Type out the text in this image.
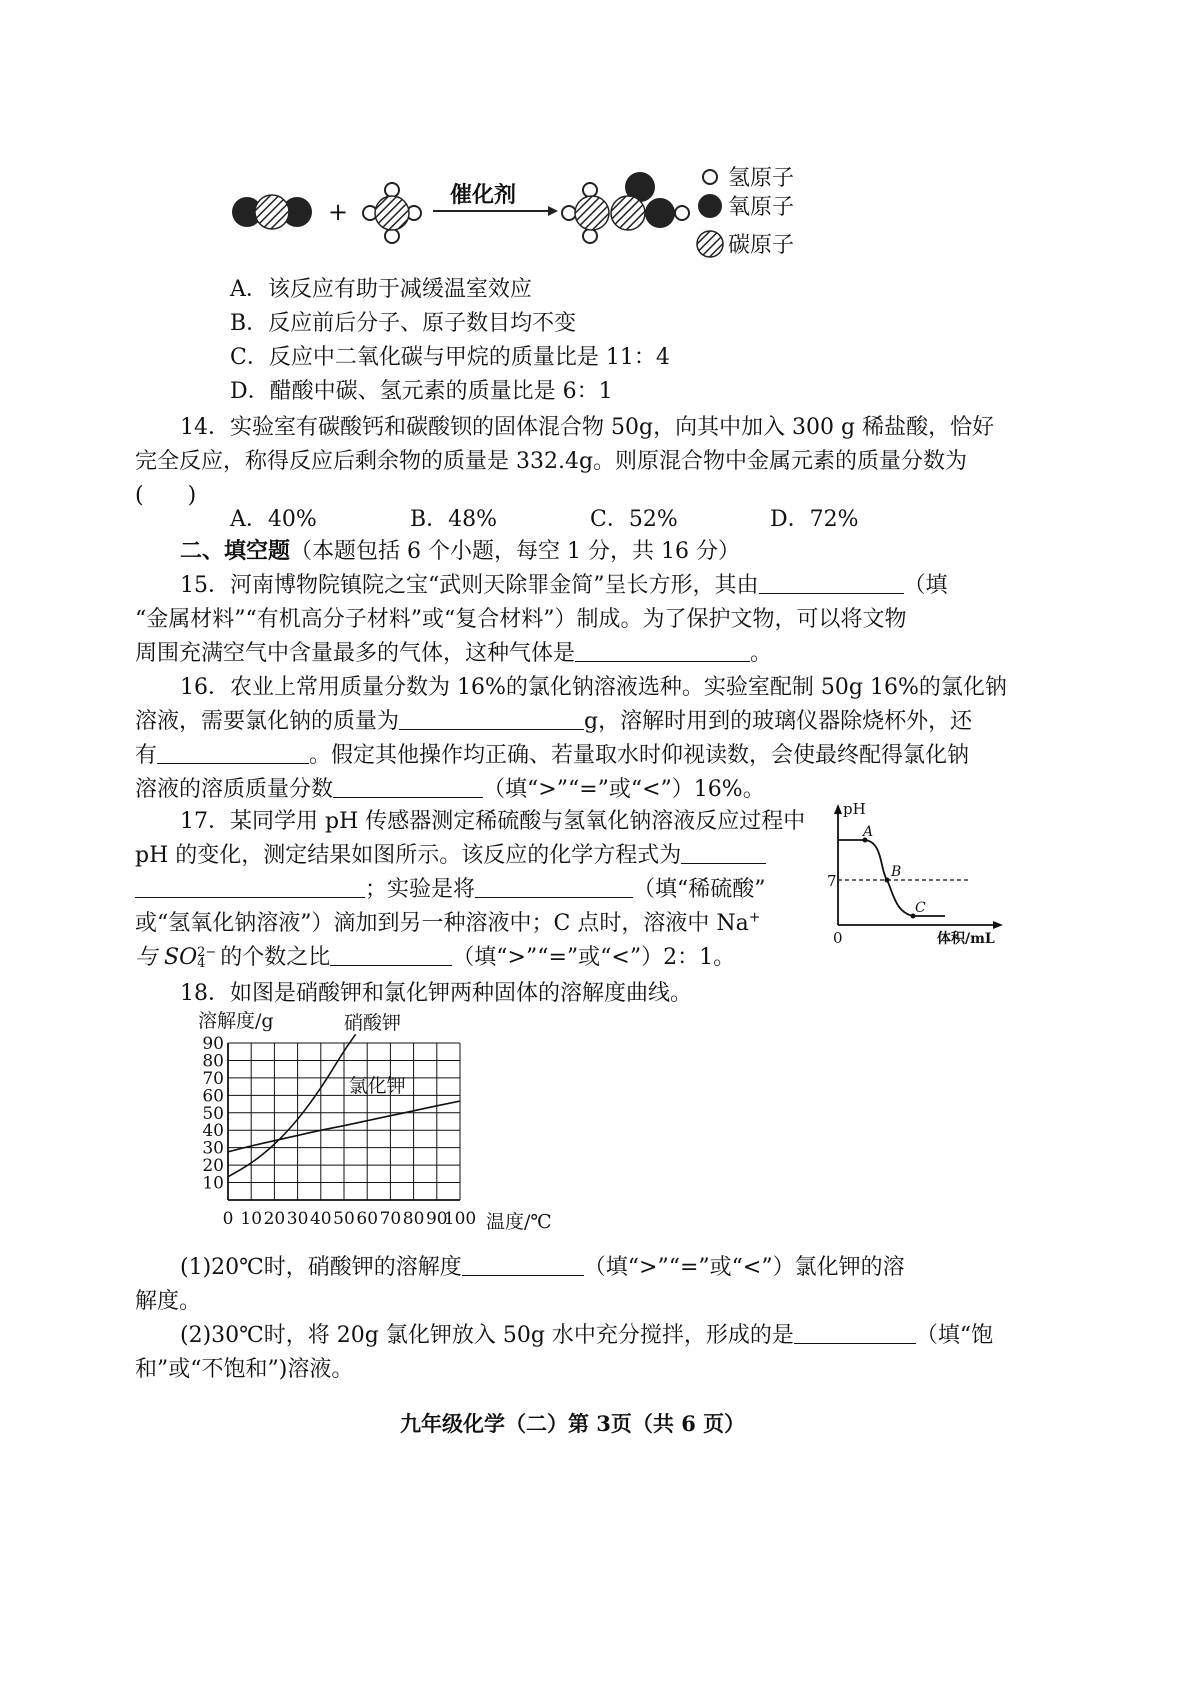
+
催化剂
氢原子
氧原子
碳原子
A．该反应有助于减缓温室效应
B．反应前后分子、原子数目均不变
C．反应中二氧化碳与甲烷的质量比是 11：4
D．醋酸中碳、氢元素的质量比是 6：1
14．实验室有碳酸钙和碳酸钡的固体混合物 50g，向其中加入 300 g 稀盐酸，恰好
完全反应，称得反应后剩余物的质量是 332.4g。则原混合物中金属元素的质量分数为
(　　)
A．40%	B．48%	C．52%	D．72%
二、填空题（本题包括 6 个小题，每空 1 分，共 16 分）
15．河南博物院镇院之宝“武则天除罪金简”呈长方形，其由	（填
“金属材料”“有机高分子材料”或“复合材料”）制成。为了保护文物，可以将文物
周围充满空气中含量最多的气体，这种气体是	。
16．农业上常用质量分数为 16%的氯化钠溶液选种。实验室配制 50g 16%的氯化钠
溶液，需要氯化钠的质量为	g，溶解时用到的玻璃仪器除烧杯外，还
有	。假定其他操作均正确、若量取水时仰视读数，会使最终配得氯化钠
溶液的溶质质量分数	（填“>”“=”或“<”）16%。
17．某同学用 pH 传感器测定稀硫酸与氢氧化钠溶液反应过程中
pH 的变化，测定结果如图所示。该反应的化学方程式为
；实验是将	（填“稀硫酸”
或“氢氧化钠溶液”）滴加到另一种溶液中；C 点时，溶液中 Na+
与 SO 2−
4 的个数之比	（填“>”“=”或“<”）2：1。
pH
7
A
B
C
0	体积/mL
18．如图是硝酸钾和氯化钾两种固体的溶解度曲线。
10
20
30
40
50
60
70
80
90
0 10 20 30 40 50 60 70 80 90
100
溶解度/g
温度/℃
硝酸钾
氯化钾
(1)20℃时，硝酸钾的溶解度	（填“>”“=”或“<”）氯化钾的溶
解度。
(2)30℃时，将 20g 氯化钾放入 50g 水中充分搅拌，形成的是	（填“饱
和”或“不饱和”)溶液。
九年级化学（二）第 3页（共 6 页）
